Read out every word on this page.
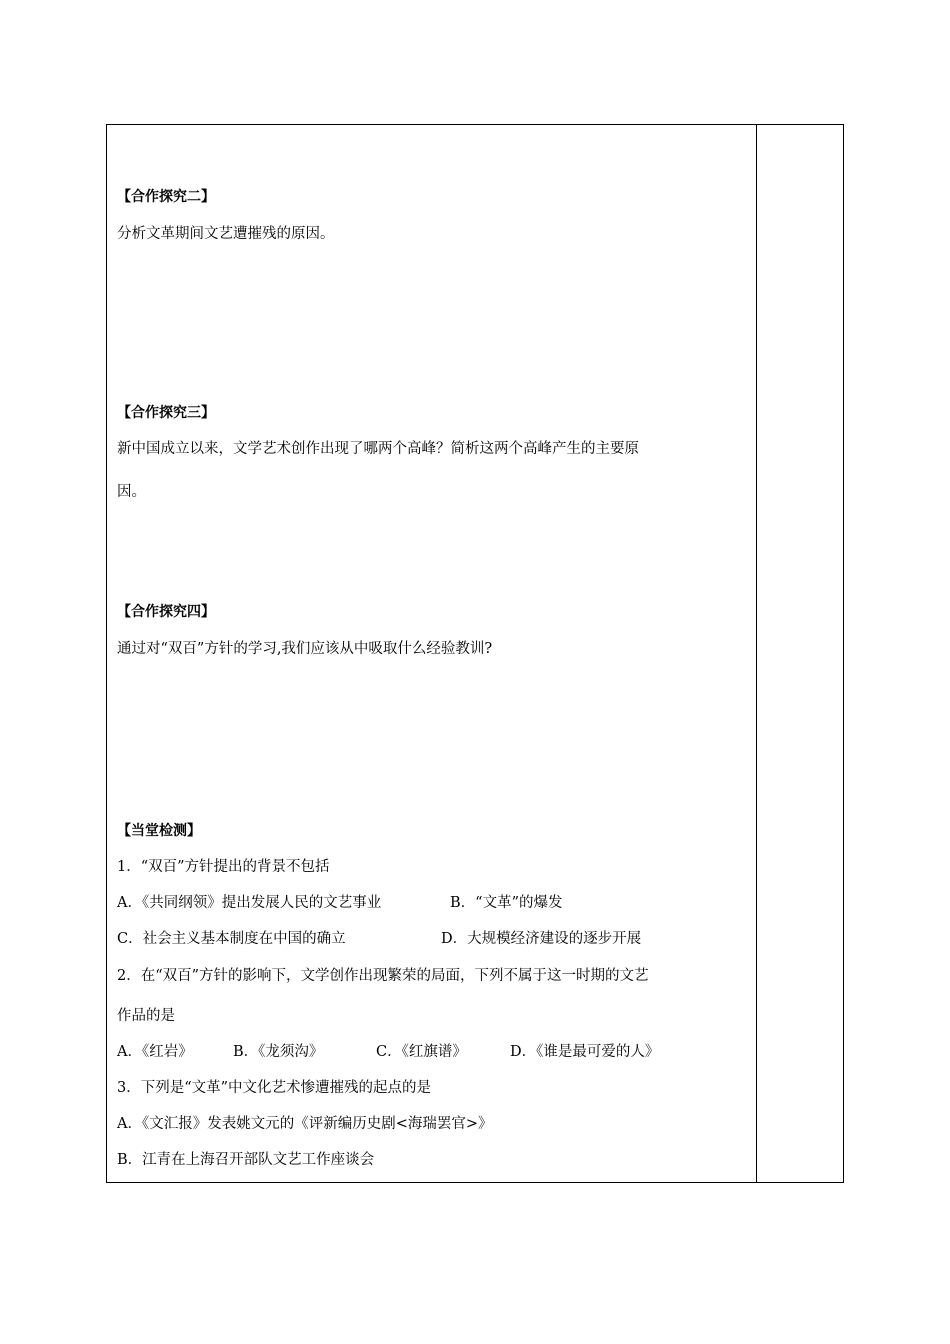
【合作探究二】
分析文革期间文艺遭摧残的原因。
【合作探究三】
新中国成立以来，文学艺术创作出现了哪两个高峰？简析这两个高峰产生的主要原
因。
【合作探究四】
通过对“双百”方针的学习,我们应该从中吸取什么经验教训?
【当堂检测】
1．“双百”方针提出的背景不包括
A．《共同纲领》提出发展人民的文艺事业	B．“文革”的爆发
C．社会主义基本制度在中国的确立	D．大规模经济建设的逐步开展
2．在“双百”方针的影响下，文学创作出现繁荣的局面，下列不属于这一时期的文艺
作品的是
A．《红岩》	B．《龙须沟》	C．《红旗谱》	D．《谁是最可爱的人》
3．下列是“文革”中文化艺术惨遭摧残的起点的是
A．《文汇报》发表姚文元的《评新编历史剧<海瑞罢官>》
B．江青在上海召开部队文艺工作座谈会
